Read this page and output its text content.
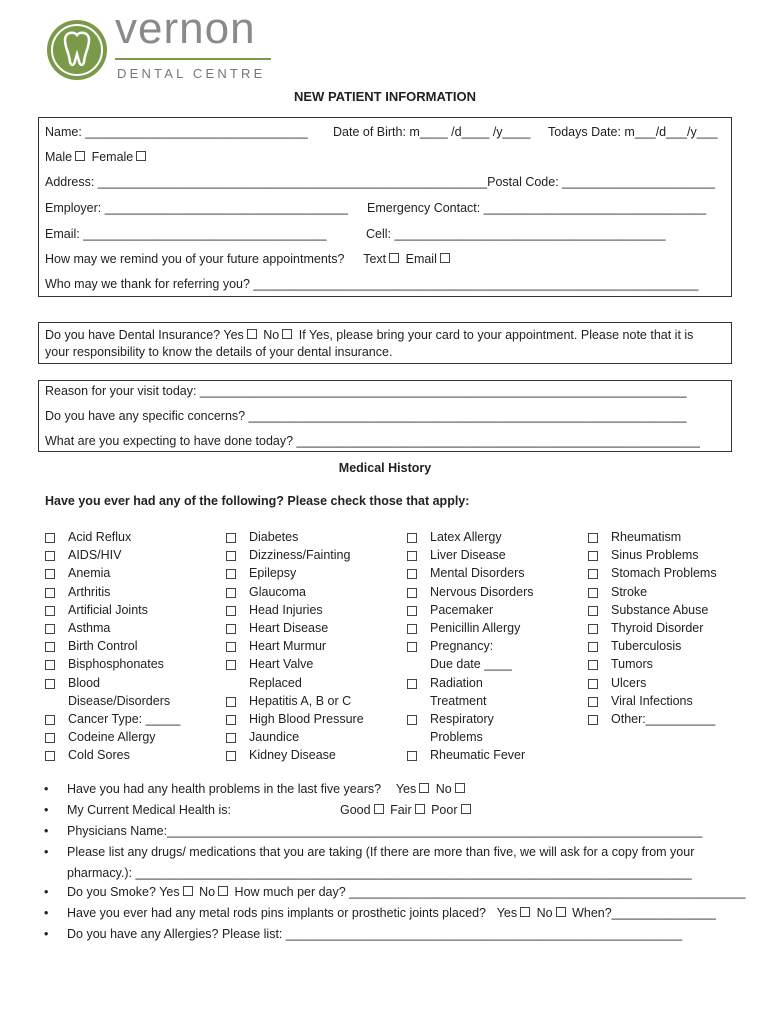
vernon
DENTAL CENTRE
NEW PATIENT INFORMATION
Name: ________________________________ Date of Birth: m____ /d____ /y____ Todays Date: m___/d___/y___
Male Female
Address: ________________________________________________________Postal Code: ______________________
Employer: ___________________________________ Emergency Contact: ________________________________
Email: ___________________________________	Cell: _______________________________________
How may we remind you of your future appointments? Text Email
Who may we thank for referring you? ________________________________________________________________
Do you have Dental Insurance? Yes No If Yes, please bring your card to your appointment. Please note that it is
your responsibility to know the details of your dental insurance.
Reason for your visit today: ______________________________________________________________________
Do you have any specific concerns? _______________________________________________________________
What are you expecting to have done today? __________________________________________________________
Medical History
Have you ever had any of the following? Please check those that apply:
Acid Reflux
AIDS/HIV
Anemia
Arthritis
Artificial Joints
Asthma
Birth Control
Bisphosphonates
Blood
Disease/Disorders
Cancer Type: _____
Codeine Allergy
Cold Sores
Diabetes
Dizziness/Fainting
Epilepsy
Glaucoma
Head Injuries
Heart Disease
Heart Murmur
Heart Valve
Replaced
Hepatitis A, B or C
High Blood Pressure
Jaundice
Kidney Disease
Latex Allergy
Liver Disease
Mental Disorders
Nervous Disorders
Pacemaker
Penicillin Allergy
Pregnancy:
Due date ____
Radiation
Treatment
Respiratory
Problems
Rheumatic Fever
Rheumatism
Sinus Problems
Stomach Problems
Stroke
Substance Abuse
Thyroid Disorder
Tuberculosis
Tumors
Ulcers
Viral Infections
Other:__________
• Have you had any health problems in the last five years? Yes No
• My Current Medical Health is:	Good Fair Poor
• Physicians Name:_____________________________________________________________________________
• Please list any drugs/ medications that you are taking (If there are more than five, we will ask for a copy from your
pharmacy.): ________________________________________________________________________________
• Do you Smoke? Yes No How much per day? _________________________________________________________
• Have you ever had any metal rods pins implants or prosthetic joints placed? Yes No When?_______________
• Do you have any Allergies? Please list: _________________________________________________________
